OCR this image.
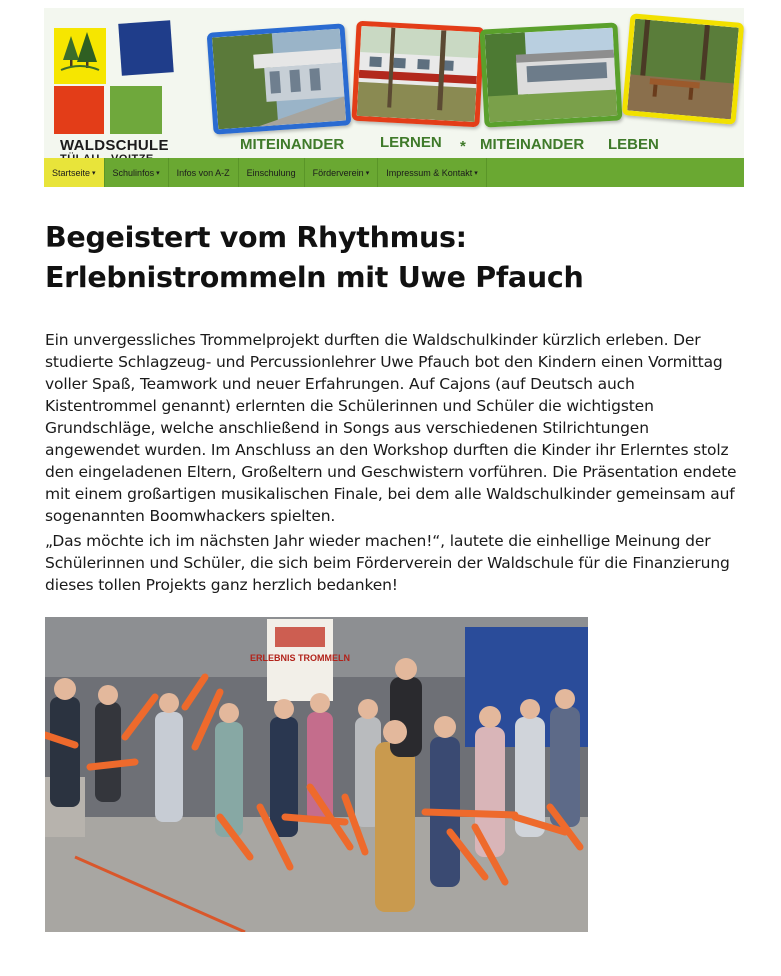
WALDSCHULE	MITEINANDER LERNEN * MITEINANDER LEBEN
Startseite ▾ Schulinfos ▾ Infos von A-Z Einschulung Förderverein ▾ Impressum & Kontakt ▾
Begeistert vom Rhythmus: Erlebnistrommeln mit Uwe Pfauch

Ein unvergessliches Trommelprojekt durften die Waldschulkinder kürzlich erleben. Der studierte Schlagzeug- und Percussionlehrer Uwe Pfauch bot den Kindern einen Vormittag voller Spaß, Teamwork und neuer Erfahrungen. Auf Cajons (auf Deutsch auch Kistentrommel genannt) erlernten die Schülerinnen und Schüler die wichtigsten Grundschläge, welche anschließend in Songs aus verschiedenen Stilrichtungen angewendet wurden. Im Anschluss an den Workshop durften die Kinder ihr Erlerntes stolz den eingeladenen Eltern, Großeltern und Geschwistern vorführen. Die Präsentation endete mit einem großartigen musikalischen Finale, bei dem alle Waldschulkinder gemeinsam auf sogenannten Boomwhackers spielten.

„Das möchte ich im nächsten Jahr wieder machen!“, lautete die einhellige Meinung der Schülerinnen und Schüler, die sich beim Förderverein der Waldschule für die Finanzierung dieses tollen Projekts ganz herzlich bedanken!

ERLEBNIS TROMMELN
